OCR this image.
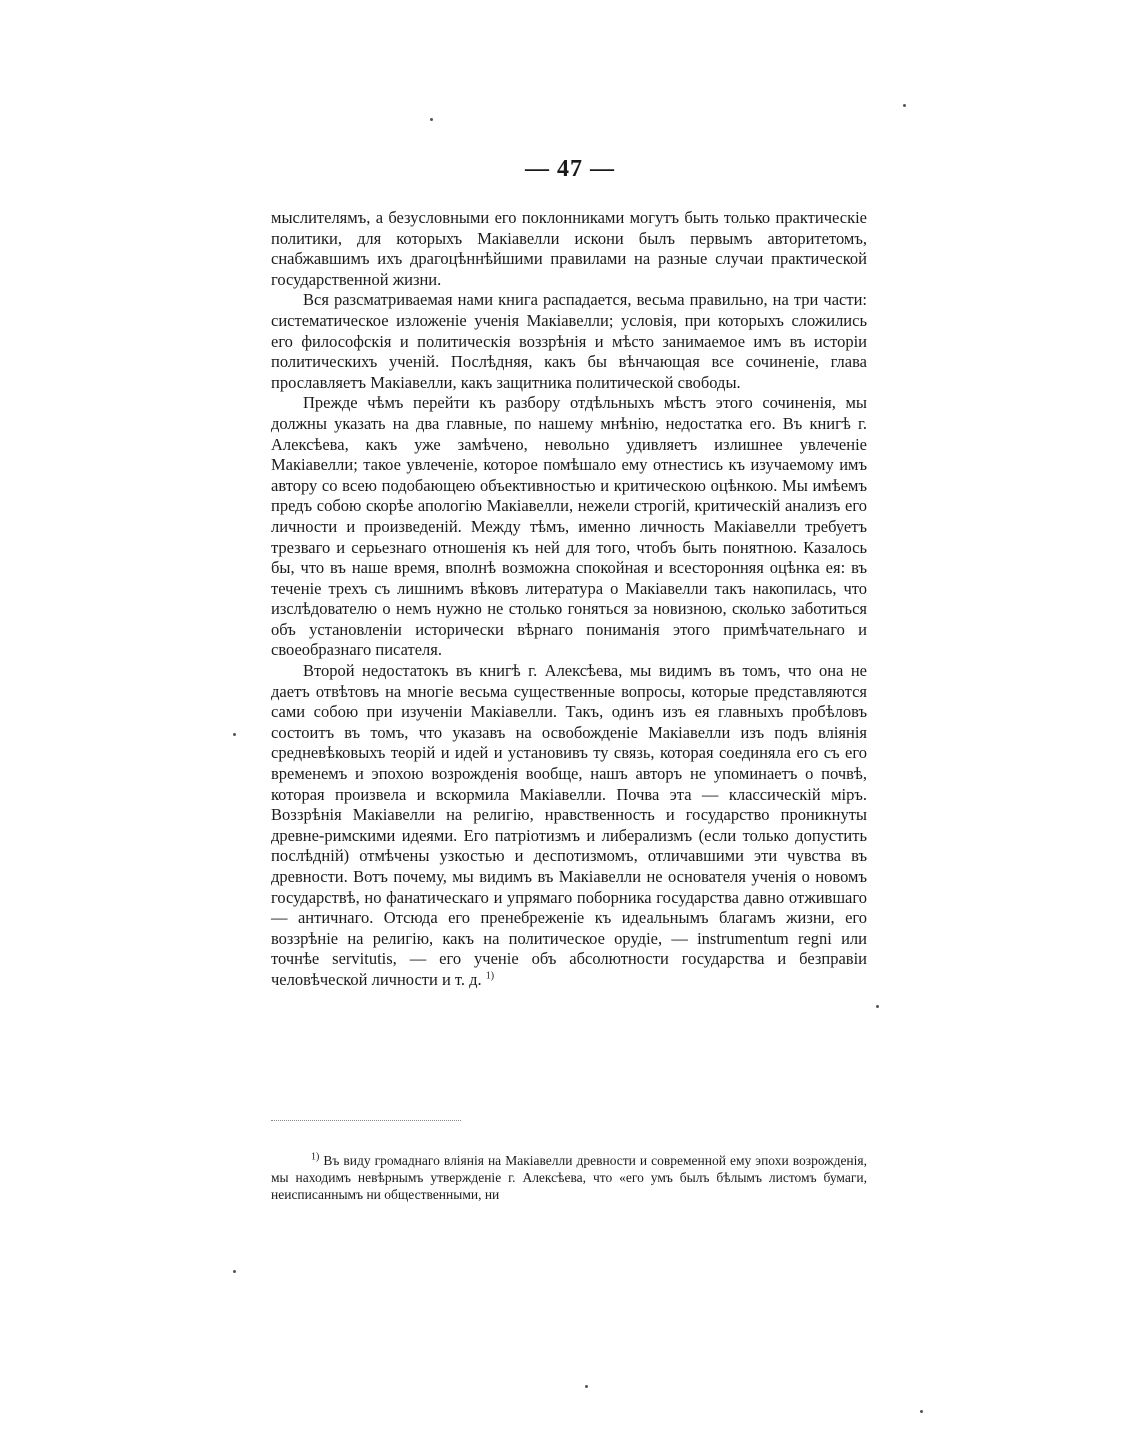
— 47 —

мыслителямъ, а безусловными его поклонниками могутъ быть только практическіе политики, для которыхъ Макіавелли искони былъ первымъ авторитетомъ, снабжавшимъ ихъ драгоцѣннѣйшими правилами на разные случаи практической государственной жизни.

Вся разсматриваемая нами книга распадается, весьма правильно, на три части: систематическое изложеніе ученія Макіавелли; условія, при которыхъ сложились его философскія и политическія воззрѣнія и мѣсто занимаемое имъ въ исторіи политическихъ ученій. Послѣдняя, какъ бы вѣнчающая все сочиненіе, глава прославляетъ Макіавелли, какъ защитника политической свободы.

Прежде чѣмъ перейти къ разбору отдѣльныхъ мѣстъ этого сочиненія, мы должны указать на два главные, по нашему мнѣнію, недостатка его. Въ книгѣ г. Алексѣева, какъ уже замѣчено, невольно удивляетъ излишнее увлеченіе Макіавелли; такое увлеченіе, которое помѣшало ему отнестись къ изучаемому имъ автору со всею подобающею объективностью и критическою оцѣнкою. Мы имѣемъ предъ собою скорѣе апологію Макіавелли, нежели строгій, критическій анализъ его личности и произведеній. Между тѣмъ, именно личность Макіавелли требуетъ трезваго и серьезнаго отношенія къ ней для того, чтобъ быть понятною. Казалось бы, что въ наше время, вполнѣ возможна спокойная и всесторонняя оцѣнка ея: въ теченіе трехъ съ лишнимъ вѣковъ литература о Макіавелли такъ накопилась, что изслѣдователю о немъ нужно не столько гоняться за новизною, сколько заботиться объ установленіи исторически вѣрнаго пониманія этого примѣчательнаго и своеобразнаго писателя.

Второй недостатокъ въ книгѣ г. Алексѣева, мы видимъ въ томъ, что она не даетъ отвѣтовъ на многіе весьма существенные вопросы, которые представляются сами собою при изученіи Макіавелли. Такъ, одинъ изъ ея главныхъ пробѣловъ состоитъ въ томъ, что указавъ на освобожденіе Макіавелли изъ подъ вліянія средневѣковыхъ теорій и идей и установивъ ту связь, которая соединяла его съ его временемъ и эпохою возрожденія вообще, нашъ авторъ не упоминаетъ о почвѣ, которая произвела и вскормила Макіавелли. Почва эта — классическій міръ. Воззрѣнія Макіавелли на религію, нравственность и государство проникнуты древне-римскими идеями. Его патріотизмъ и либерализмъ (если только допустить послѣдній) отмѣчены узкостью и деспотизмомъ, отличавшими эти чувства въ древности. Вотъ почему, мы видимъ въ Макіавелли не основателя ученія о новомъ государствѣ, но фанатическаго и упрямаго поборника государства давно отжившаго — античнаго. Отсюда его пренебреженіе къ идеальнымъ благамъ жизни, его воззрѣніе на религію, какъ на политическое орудіе, — instrumentum regni или точнѣе servitutis, — его ученіе объ абсолютности государства и безправіи человѣческой личности и т. д. $^{1)}$

$^{1)}$ Въ виду громаднаго вліянія на Макіавелли древности и современной ему эпохи возрожденія, мы находимъ невѣрнымъ утвержденіе г. Алексѣева, что «его умъ былъ бѣлымъ листомъ бумаги, неисписаннымъ ни общественными, ни
